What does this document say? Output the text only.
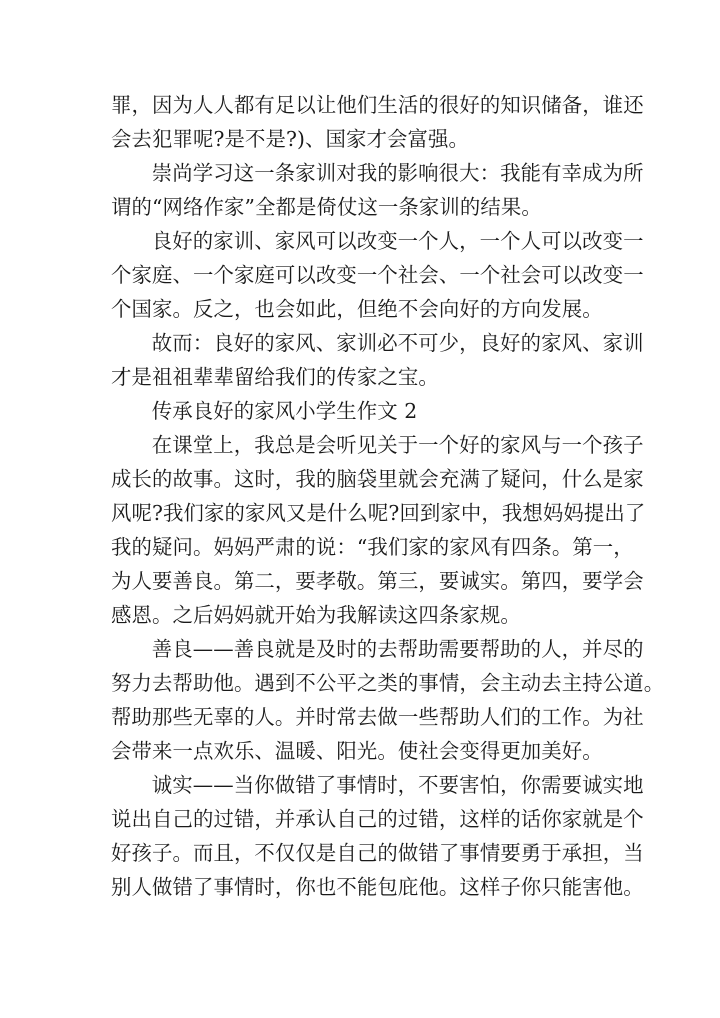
罪，因为人人都有足以让他们生活的很好的知识储备，谁还
会去犯罪呢?是不是?)、国家才会富强。
崇尚学习这一条家训对我的影响很大：我能有幸成为所
谓的“网络作家”全都是倚仗这一条家训的结果。
良好的家训、家风可以改变一个人，一个人可以改变一
个家庭、一个家庭可以改变一个社会、一个社会可以改变一
个国家。反之，也会如此，但绝不会向好的方向发展。
故而：良好的家风、家训必不可少，良好的家风、家训
才是祖祖辈辈留给我们的传家之宝。
传承良好的家风小学生作文 2
在课堂上，我总是会听见关于一个好的家风与一个孩子
成长的故事。这时，我的脑袋里就会充满了疑问，什么是家
风呢?我们家的家风又是什么呢?回到家中，我想妈妈提出了
我的疑问。妈妈严肃的说：“我们家的家风有四条。第一，
为人要善良。第二，要孝敬。第三，要诚实。第四，要学会
感恩。之后妈妈就开始为我解读这四条家规。
善良——善良就是及时的去帮助需要帮助的人，并尽的
努力去帮助他。遇到不公平之类的事情，会主动去主持公道。
帮助那些无辜的人。并时常去做一些帮助人们的工作。为社
会带来一点欢乐、温暖、阳光。使社会变得更加美好。
诚实——当你做错了事情时，不要害怕，你需要诚实地
说出自己的过错，并承认自己的过错，这样的话你家就是个
好孩子。而且，不仅仅是自己的做错了事情要勇于承担，当
别人做错了事情时，你也不能包庇他。这样子你只能害他。
